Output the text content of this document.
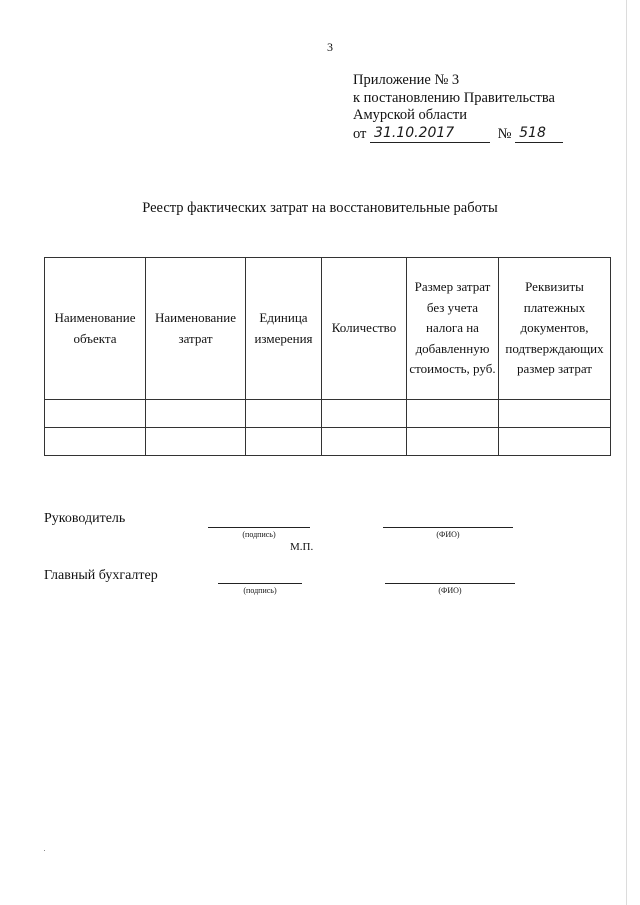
3
Приложение № 3
к постановлению Правительства
Амурской области
от 31.10.2017	№ 518
Реестр фактических затрат на восстановительные работы
Наименование объекта	Наименование затрат	Единица измерения	Количество	Размер затрат без учета налога на добавленную стоимость, руб.	Реквизиты платежных документов, подтверждающих размер затрат

Руководитель
(подпись)	(ФИО)
М.П.
Главный бухгалтер
(подпись)	(ФИО)
